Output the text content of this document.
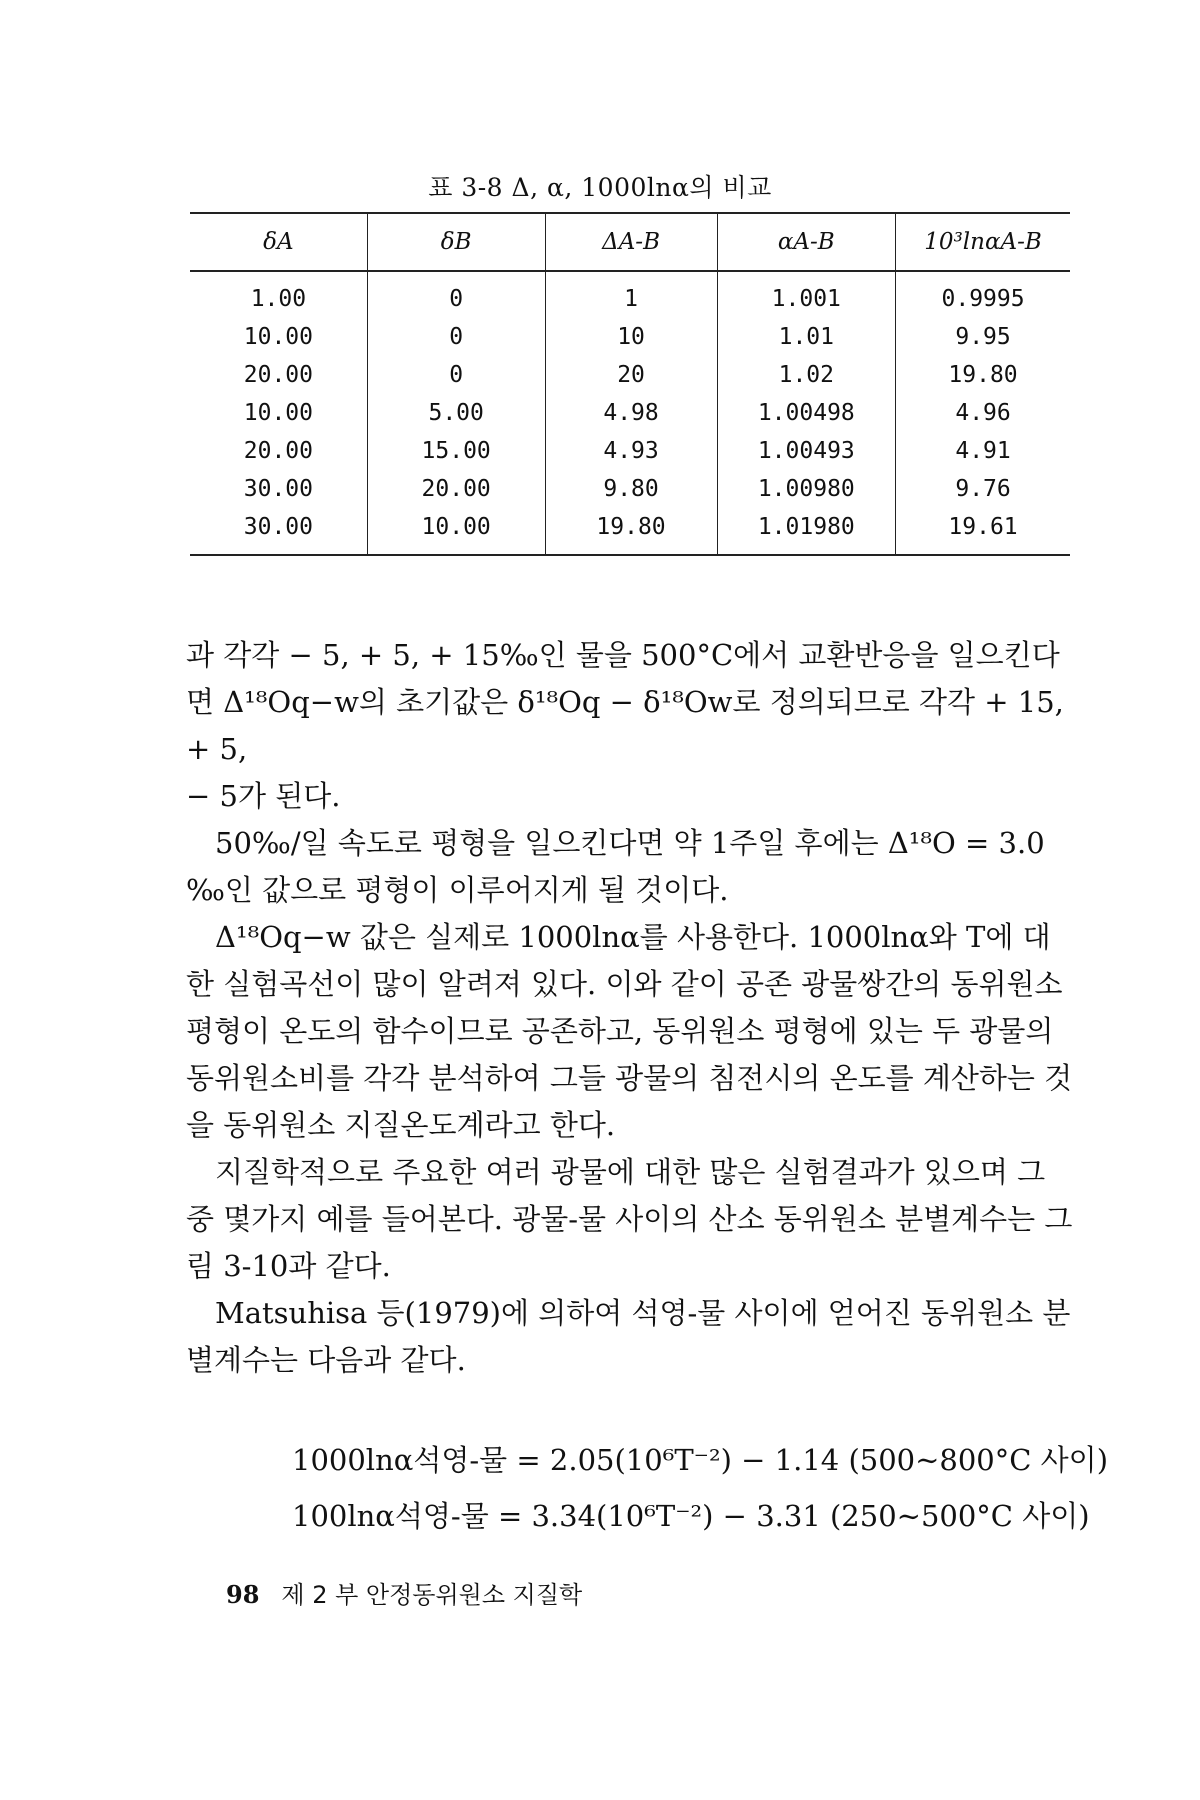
표 3-8 Δ, α, 1000lnα의 비교
δA	δB	ΔA-B	αA-B	10³lnαA-B
1.00	0	1	1.001	0.9995
10.00	0	10	1.01	9.95
20.00	0	20	1.02	19.80
10.00	5.00	4.98	1.00498	4.96
20.00	15.00	4.93	1.00493	4.91
30.00	20.00	9.80	1.00980	9.76
30.00	10.00	19.80	1.01980	19.61

과 각각 − 5, + 5, + 15‰인 물을 500°C에서 교환반응을 일으킨다

면 Δ¹⁸Oq−w의 초기값은 δ¹⁸Oq − δ¹⁸Ow로 정의되므로 각각 + 15, + 5,

− 5가 된다.

50‰/일 속도로 평형을 일으킨다면 약 1주일 후에는 Δ¹⁸O = 3.0 ‰인 값으로 평형이 이루어지게 될 것이다.

Δ¹⁸Oq−w 값은 실제로 1000lnα를 사용한다. 1000lnα와 T에 대한 실험곡선이 많이 알려져 있다. 이와 같이 공존 광물쌍간의 동위원소 평형이 온도의 함수이므로 공존하고, 동위원소 평형에 있는 두 광물의 동위원소비를 각각 분석하여 그들 광물의 침전시의 온도를 계산하는 것을 동위원소 지질온도계라고 한다.

지질학적으로 주요한 여러 광물에 대한 많은 실험결과가 있으며 그 중 몇가지 예를 들어본다. 광물-물 사이의 산소 동위원소 분별계수는 그림 3-10과 같다.

Matsuhisa 등(1979)에 의하여 석영-물 사이에 얻어진 동위원소 분별계수는 다음과 같다.

1000lnα석영-물 = 2.05(10⁶T⁻²) − 1.14 (500∼800°C 사이)
100lnα석영-물 = 3.34(10⁶T⁻²) − 3.31 (250∼500°C 사이)
98 제 2 부 안정동위원소 지질학
